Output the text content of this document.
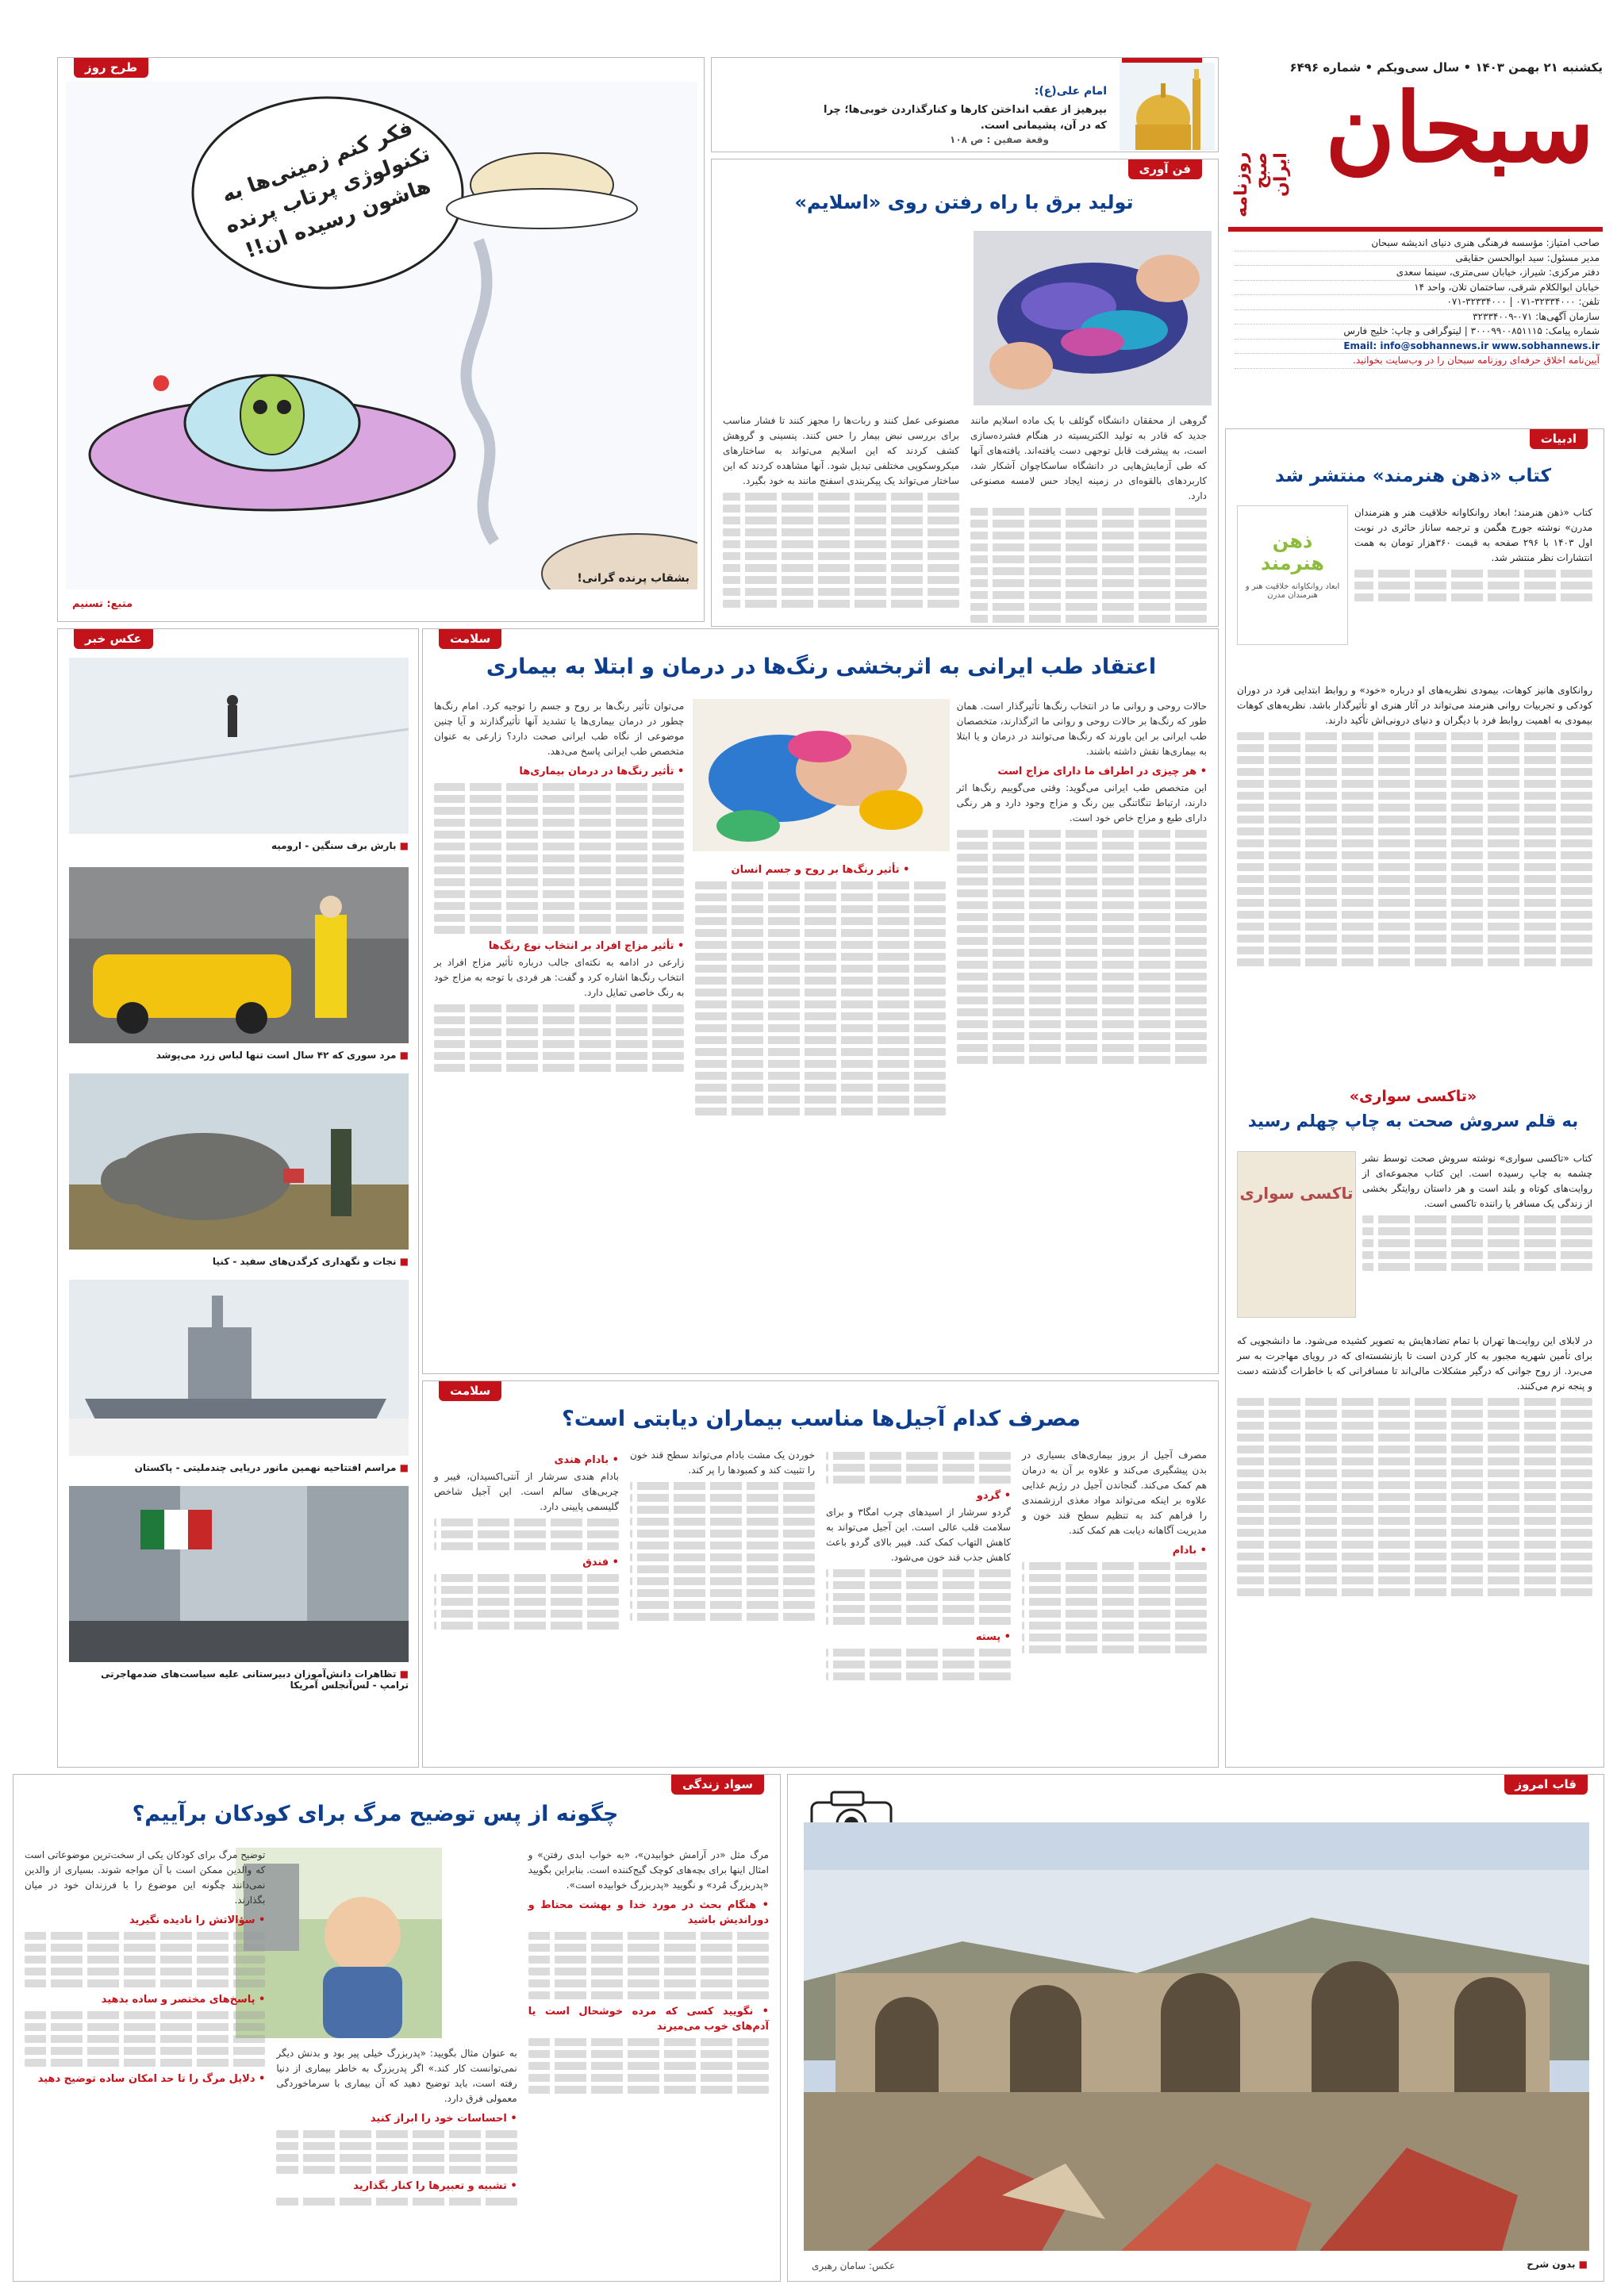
یکشنبه ۲۱ بهمن ۱۴۰۳ • سال سی‌ویکم • شماره ۶۴۹۶
سبحان
روزنامه صبح ایران
صاحب امتیاز: مؤسسه فرهنگی هنری دنیای اندیشه سبحان
مدیر مسئول: سید ابوالحسن حقایقی
دفتر مرکزی: شیراز، خیابان سی‌متری، سینما سعدی
خیابان ابوالکلام شرقی، ساختمان تلان، واحد ۱۴
تلفن: ۳۲۳۳۴۰۰۰-۰۷۱ | ۳۲۳۳۴۰۰۰-۰۷۱
سازمان آگهی‌ها: ۰۷۱-۳۲۳۳۴۰۰۹
شماره پیامک: ۳۰۰۰۹۹۰۰۸۵۱۱۱۵ | لیتوگرافی و چاپ: خلیج فارس
Email: info@sobhannews.ir www.sobhannews.ir
آیین‌نامه اخلاق حرفه‌ای روزنامه سبحان را در وب‌سایت بخوانید.
امام علی(ع):
بپرهیز از عقب انداختن کارها و کنارگذاردن خوبی‌ها؛ چرا که در آن، پشیمانی است.
وقعة صفین : ص ۱۰۸
فن آوری
تولید برق با راه رفتن روی «اسلایم»
گروهی از محققان دانشگاه گوئلف با یک ماده اسلایم مانند جدید که قادر به تولید الکتریسیته در هنگام فشرده‌سازی است، به پیشرفت قابل توجهی دست یافته‌اند. یافته‌های آنها که طی آزمایش‌هایی در دانشگاه ساسکاچوان آشکار شد، کاربردهای بالقوه‌ای در زمینه ایجاد حس لامسه مصنوعی دارد.
مصنوعی عمل کنند و ربات‌ها را مجهز کنند تا فشار مناسب برای بررسی نبض بیمار را حس کنند. پنسینی و گروهش کشف کردند که این اسلایم می‌تواند به ساختارهای میکروسکوپی مختلفی تبدیل شود. آنها مشاهده کردند که این ساختار می‌تواند یک پیکربندی اسفنج مانند به خود بگیرد.
طرح روز
فکر کنم زمینی‌ها به تکنولوژی پرتاب پرنده هاشون رسیده ان!!
بشقاب پرنده گرانی!
متبع: تسنیم
ادبیات
کتاب «ذهن هنرمند» منتشر شد
ذهن هنرمند
ابعاد روانکاوانه خلاقیت هنر و هنرمندان مدرن
کتاب «ذهن هنرمند؛ ابعاد روانکاوانه خلاقیت هنر و هنرمندان مدرن» نوشته جورج هگمن و ترجمه ساناز حائری در نوبت اول ۱۴۰۳ با ۲۹۶ صفحه به قیمت ۳۶۰هزار تومان به همت انتشارات نظر منتشر شد.
روانکاوی هانیز کوهات، بیمودی نظریه‌های او درباره «خود» و روابط ابتدایی فرد در دوران کودکی و تجربیات روانی هنرمند می‌تواند در آثار هنری او تأثیرگذار باشد. نظریه‌های کوهات بیمودی به اهمیت روابط فرد با دیگران و دنیای درونی‌اش تأکید دارند.
«تاکسی سواری»
به قلم سروش صحت به چاپ چهلم رسید
تاکسی سواری
کتاب «تاکسی سواری» نوشته سروش صحت توسط نشر چشمه به چاپ رسیده است. این کتاب مجموعه‌ای از روایت‌های کوتاه و بلند است و هر داستان روایتگر بخشی از زندگی یک مسافر یا راننده تاکسی است.
در لابلای این روایت‌ها تهران با تمام تضادهایش به تصویر کشیده می‌شود. ما دانشجویی که برای تأمین شهریه مجبور به کار کردن است تا بازنشسته‌ای که در رویای مهاجرت به سر می‌برد. از روح جوانی که درگیر مشکلات مالی‌اند تا مسافرانی که با خاطرات گذشته دست و پنجه نرم می‌کنند.
عکس خبر
■ بارش برف سنگین - ارومیه
■ مرد سوری که ۴۲ سال است تنها لباس زرد می‌پوشد
■ نجات و نگهداری کرگدن‌های سفید - کنیا
■ مراسم افتتاحیه نهمین مانور دریایی چندملیتی - پاکستان
■ تظاهرات دانش‌آموزان دبیرستانی علیه سیاست‌های ضدمهاجرتی ترامپ - لس‌آنجلس آمریکا
سلامت
اعتقاد طب ایرانی به اثربخشی رنگ‌ها در درمان و ابتلا به بیماری
حالات روحی و روانی ما در انتخاب رنگ‌ها تأثیرگذار است. همان طور که رنگ‌ها بر حالات روحی و روانی ما اثرگذارند، متخصصان طب ایرانی بر این باورند که رنگ‌ها می‌توانند در درمان و یا ابتلا به بیماری‌ها نقش داشته باشند.
• هر چیزی در اطراف ما دارای مزاج است
این متخصص طب ایرانی می‌گوید: وقتی می‌گوییم رنگ‌ها اثر دارند، ارتباط تنگاتنگی بین رنگ و مزاج وجود دارد و هر رنگی دارای طبع و مزاج خاص خود است.
• تأثیر رنگ‌ها بر روح و جسم انسان
می‌توان تأثیر رنگ‌ها بر روح و جسم را توجیه کرد. امام رنگ‌ها چطور در درمان بیماری‌ها یا تشدید آنها تأثیرگذارند و آیا چنین موضوعی از نگاه طب ایرانی صحت دارد؟ زارعی به عنوان متخصص طب ایرانی پاسخ می‌دهد.
• تأثیر رنگ‌ها در درمان بیماری‌ها
• تأثیر مزاج افراد بر انتخاب نوع رنگ‌ها
زارعی در ادامه به نکته‌ای جالب درباره تأثیر مزاج افراد بر انتخاب رنگ‌ها اشاره کرد و گفت: هر فردی با توجه به مزاج خود به رنگ خاصی تمایل دارد.
سلامت
مصرف کدام آجیل‌ها مناسب بیماران دیابتی است؟
مصرف آجیل از بروز بیماری‌های بسیاری در بدن پیشگیری می‌کند و علاوه بر آن به درمان هم کمک می‌کند. گنجاندن آجیل در رژیم غذایی علاوه بر اینکه می‌تواند مواد مغذی ارزشمندی را فراهم کند به تنظیم سطح قند خون و مدیریت آگاهانه دیابت هم کمک کند.
• بادام
• گردو
گردو سرشار از اسیدهای چرب امگا۳ و برای سلامت قلب عالی است. این آجیل می‌تواند به کاهش التهاب کمک کند. فیبر بالای گردو باعث کاهش جذب قند خون می‌شود.
• پسته
خوردن یک مشت بادام می‌تواند سطح قند خون را تثبیت کند و کمبودها را پر کند.
• بادام هندی
بادام هندی سرشار از آنتی‌اکسیدان، فیبر و چربی‌های سالم است. این آجیل شاخص گلیسمی پایینی دارد.
• فندق
سواد زندگی
چگونه از پس توضیح مرگ برای کودکان برآییم؟
مرگ مثل «در آرامش خوابیدن»، «به خواب ابدی رفتن» و امثال اینها برای بچه‌های کوچک گیج‌کننده است. بنابراین بگویید «پدربزرگ مُرد» و نگویید «پدربزرگ خوابیده است».
• هنگام بحث در مورد خدا و بهشت محتاط و دوراندیش باشید
• نگویید کسی که مرده خوشحال است یا آدم‌های خوب می‌میرند
به عنوان مثال بگویید: «پدربزرگ خیلی پیر بود و بدنش دیگر نمی‌توانست کار کند.» اگر پدربزرگ به خاطر بیماری از دنیا رفته است، باید توضیح دهید که آن بیماری با سرماخوردگی معمولی فرق دارد.
• احساسات خود را ابراز کنید
• تشبیه و تعبیرها را کنار بگذارید
توضیح مرگ برای کودکان یکی از سخت‌ترین موضوعاتی است که والدین ممکن است با آن مواجه شوند. بسیاری از والدین نمی‌دانند چگونه این موضوع را با فرزندان خود در میان بگذارند.
• سؤالاتش را نادیده نگیرید
• پاسخ‌های مختصر و ساده بدهید
• دلایل مرگ را تا حد امکان ساده توضیح دهید
قاب امروز
■ بدون شرح
عکس: سامان رهبری
